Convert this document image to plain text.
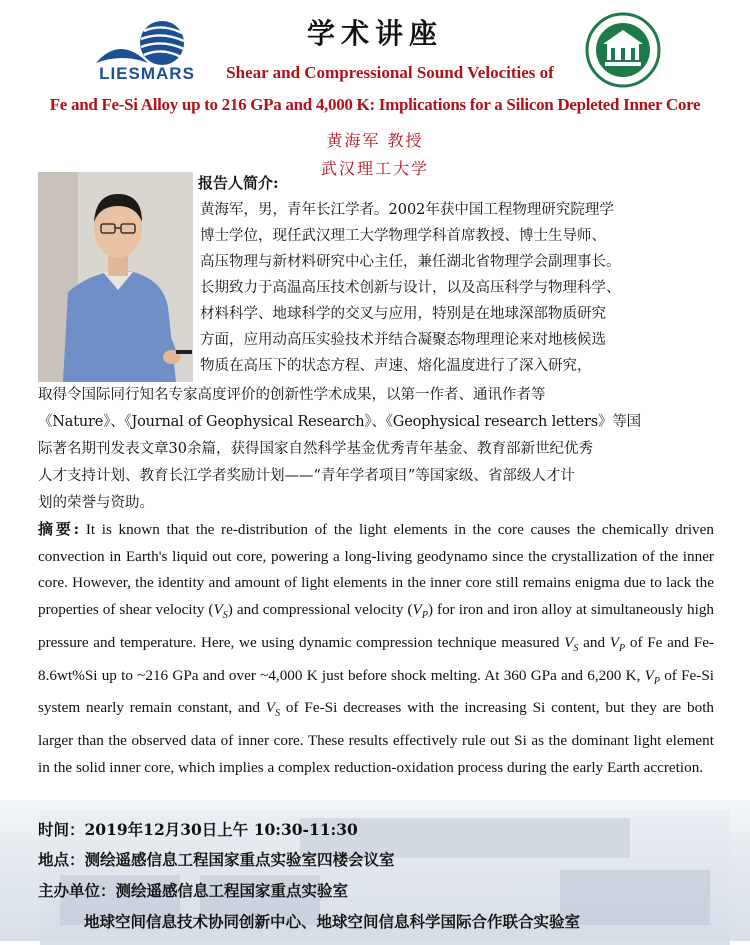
LIESMARS
学术讲座
Shear and Compressional Sound Velocities of
Fe and Fe-Si Alloy up to 216 GPa and 4,000 K: Implications for a Silicon Depleted Inner Core
黄海军 教授
武汉理工大学
报告人简介:
黄海军，男，青年长江学者。2002年获中国工程物理研究院理学
博士学位，现任武汉理工大学物理学科首席教授、博士生导师、
高压物理与新材料研究中心主任，兼任湖北省物理学会副理事长。
长期致力于高温高压技术创新与设计，以及高压科学与物理科学、
材料科学、地球科学的交叉与应用，特别是在地球深部物质研究
方面，应用动高压实验技术并结合凝聚态物理理论来对地核候选
物质在高压下的状态方程、声速、熔化温度进行了深入研究，
取得令国际同行知名专家高度评价的创新性学术成果，以第一作者、通讯作者等
《Nature》、《Journal of Geophysical Research》、《Geophysical research letters》等国
际著名期刊发表文章30余篇，获得国家自然科学基金优秀青年基金、教育部新世纪优秀
人才支持计划、教育长江学者奖励计划——“青年学者项目”等国家级、省部级人才计
划的荣誉与资助。
摘要: It is known that the re-distribution of the light elements in the core causes the chemically driven convection in Earth's liquid out core, powering a long-living geodynamo since the crystallization of the inner core. However, the identity and amount of light elements in the inner core still remains enigma due to lack the properties of shear velocity $(V_S)$ and compressional velocity $(V_P)$ for iron and iron alloy at simultaneously high pressure and temperature. Here, we using dynamic compression technique measured $V_S$ and $V_P$ of Fe and Fe-8.6wt%Si up to ~216 GPa and over ~4,000 K just before shock melting. At 360 GPa and 6,200 K, $V_P$ of Fe-Si system nearly remain constant, and $V_S$ of Fe-Si decreases with the increasing Si content, but they are both larger than the observed data of inner core. These results effectively rule out Si as the dominant light element in the solid inner core, which implies a complex reduction-oxidation process during the early Earth accretion.
时间：2019年12月30日上午 10:30-11:30
地点：测绘遥感信息工程国家重点实验室四楼会议室
主办单位：测绘遥感信息工程国家重点实验室
地球空间信息技术协同创新中心、地球空间信息科学国际合作联合实验室
